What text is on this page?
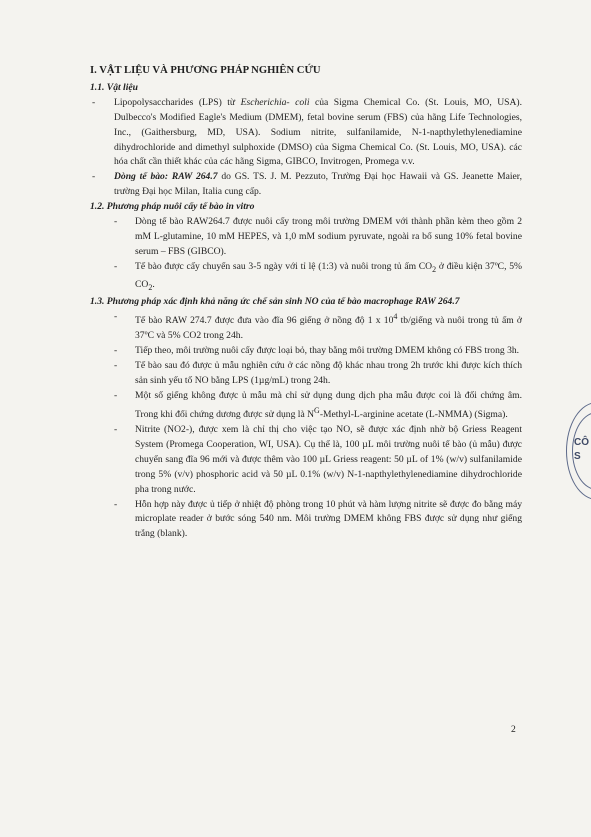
I. VẬT LIỆU VÀ PHƯƠNG PHÁP NGHIÊN CỨU
1.1. Vật liệu

- Lipopolysaccharides (LPS) từ Escherichia- coli của Sigma Chemical Co. (St. Louis, MO, USA). Dulbecco's Modified Eagle's Medium (DMEM), fetal bovine serum (FBS) của hãng Life Technologies, Inc., (Gaithersburg, MD, USA). Sodium nitrite, sulfanilamide, N-1-napthylethylenediamine dihydrochloride and dimethyl sulphoxide (DMSO) của Sigma Chemical Co. (St. Louis, MO, USA). các hóa chất cần thiết khác của các hãng Sigma, GIBCO, Invitrogen, Promega v.v.

- Dòng tế bào: RAW 264.7 do GS. TS. J. M. Pezzuto, Trường Đại học Hawaii và GS. Jeanette Maier, trường Đại học Milan, Italia cung cấp.

1.2. Phương pháp nuôi cấy tế bào in vitro

- Dòng tế bào RAW264.7 được nuôi cấy trong môi trường DMEM với thành phần kèm theo gồm 2 mM L-glutamine, 10 mM HEPES, và 1,0 mM sodium pyruvate, ngoài ra bổ sung 10% fetal bovine serum – FBS (GIBCO).

- Tế bào được cấy chuyển sau 3-5 ngày với tỉ lệ (1:3) và nuôi trong tủ ấm $CO_2$ ở điều kiện 37ºC, 5% $CO_2$.

1.3. Phương pháp xác định khả năng ức chế sản sinh NO của tế bào macrophage RAW 264.7

- Tế bào RAW 274.7 được đưa vào đĩa 96 giếng ở nồng độ 1 x $10^4$ tb/giếng và nuôi trong tủ ấm ở 37ºC và 5% CO2 trong 24h.

- Tiếp theo, môi trường nuôi cấy được loại bỏ, thay bằng môi trường DMEM không có FBS trong 3h.

- Tế bào sau đó được ủ mẫu nghiên cứu ở các nồng độ khác nhau trong 2h trước khi được kích thích sản sinh yếu tố NO bằng LPS (1µg/mL) trong 24h.

- Một số giếng không được ủ mẫu mà chỉ sử dụng dung dịch pha mẫu được coi là đối chứng âm. Trong khi đối chứng dương được sử dụng là $N^G-Methyl-L$-arginine acetate (L-NMMA) (Sigma).

- Nitrite (NO2-), được xem là chỉ thị cho việc tạo NO, sẽ được xác định nhờ bộ Griess Reagent System (Promega Cooperation, WI, USA). Cụ thể là, 100 µL môi trường nuôi tế bào (ủ mẫu) được chuyển sang đĩa 96 mới và được thêm vào 100 µL Griess reagent: 50 µL of 1% (w/v) sulfanilamide trong 5% (v/v) phosphoric acid và 50 µL 0.1% (w/v) N-1-napthylethylenediamine dihydrochloride pha trong nước.

- Hỗn hợp này được ủ tiếp ở nhiệt độ phòng trong 10 phút và hàm lượng nitrite sẽ được đo bằng máy microplate reader ở bước sóng 540 nm. Môi trường DMEM không FBS được sử dụng như giếng trắng (blank).

2
CÔ
S
